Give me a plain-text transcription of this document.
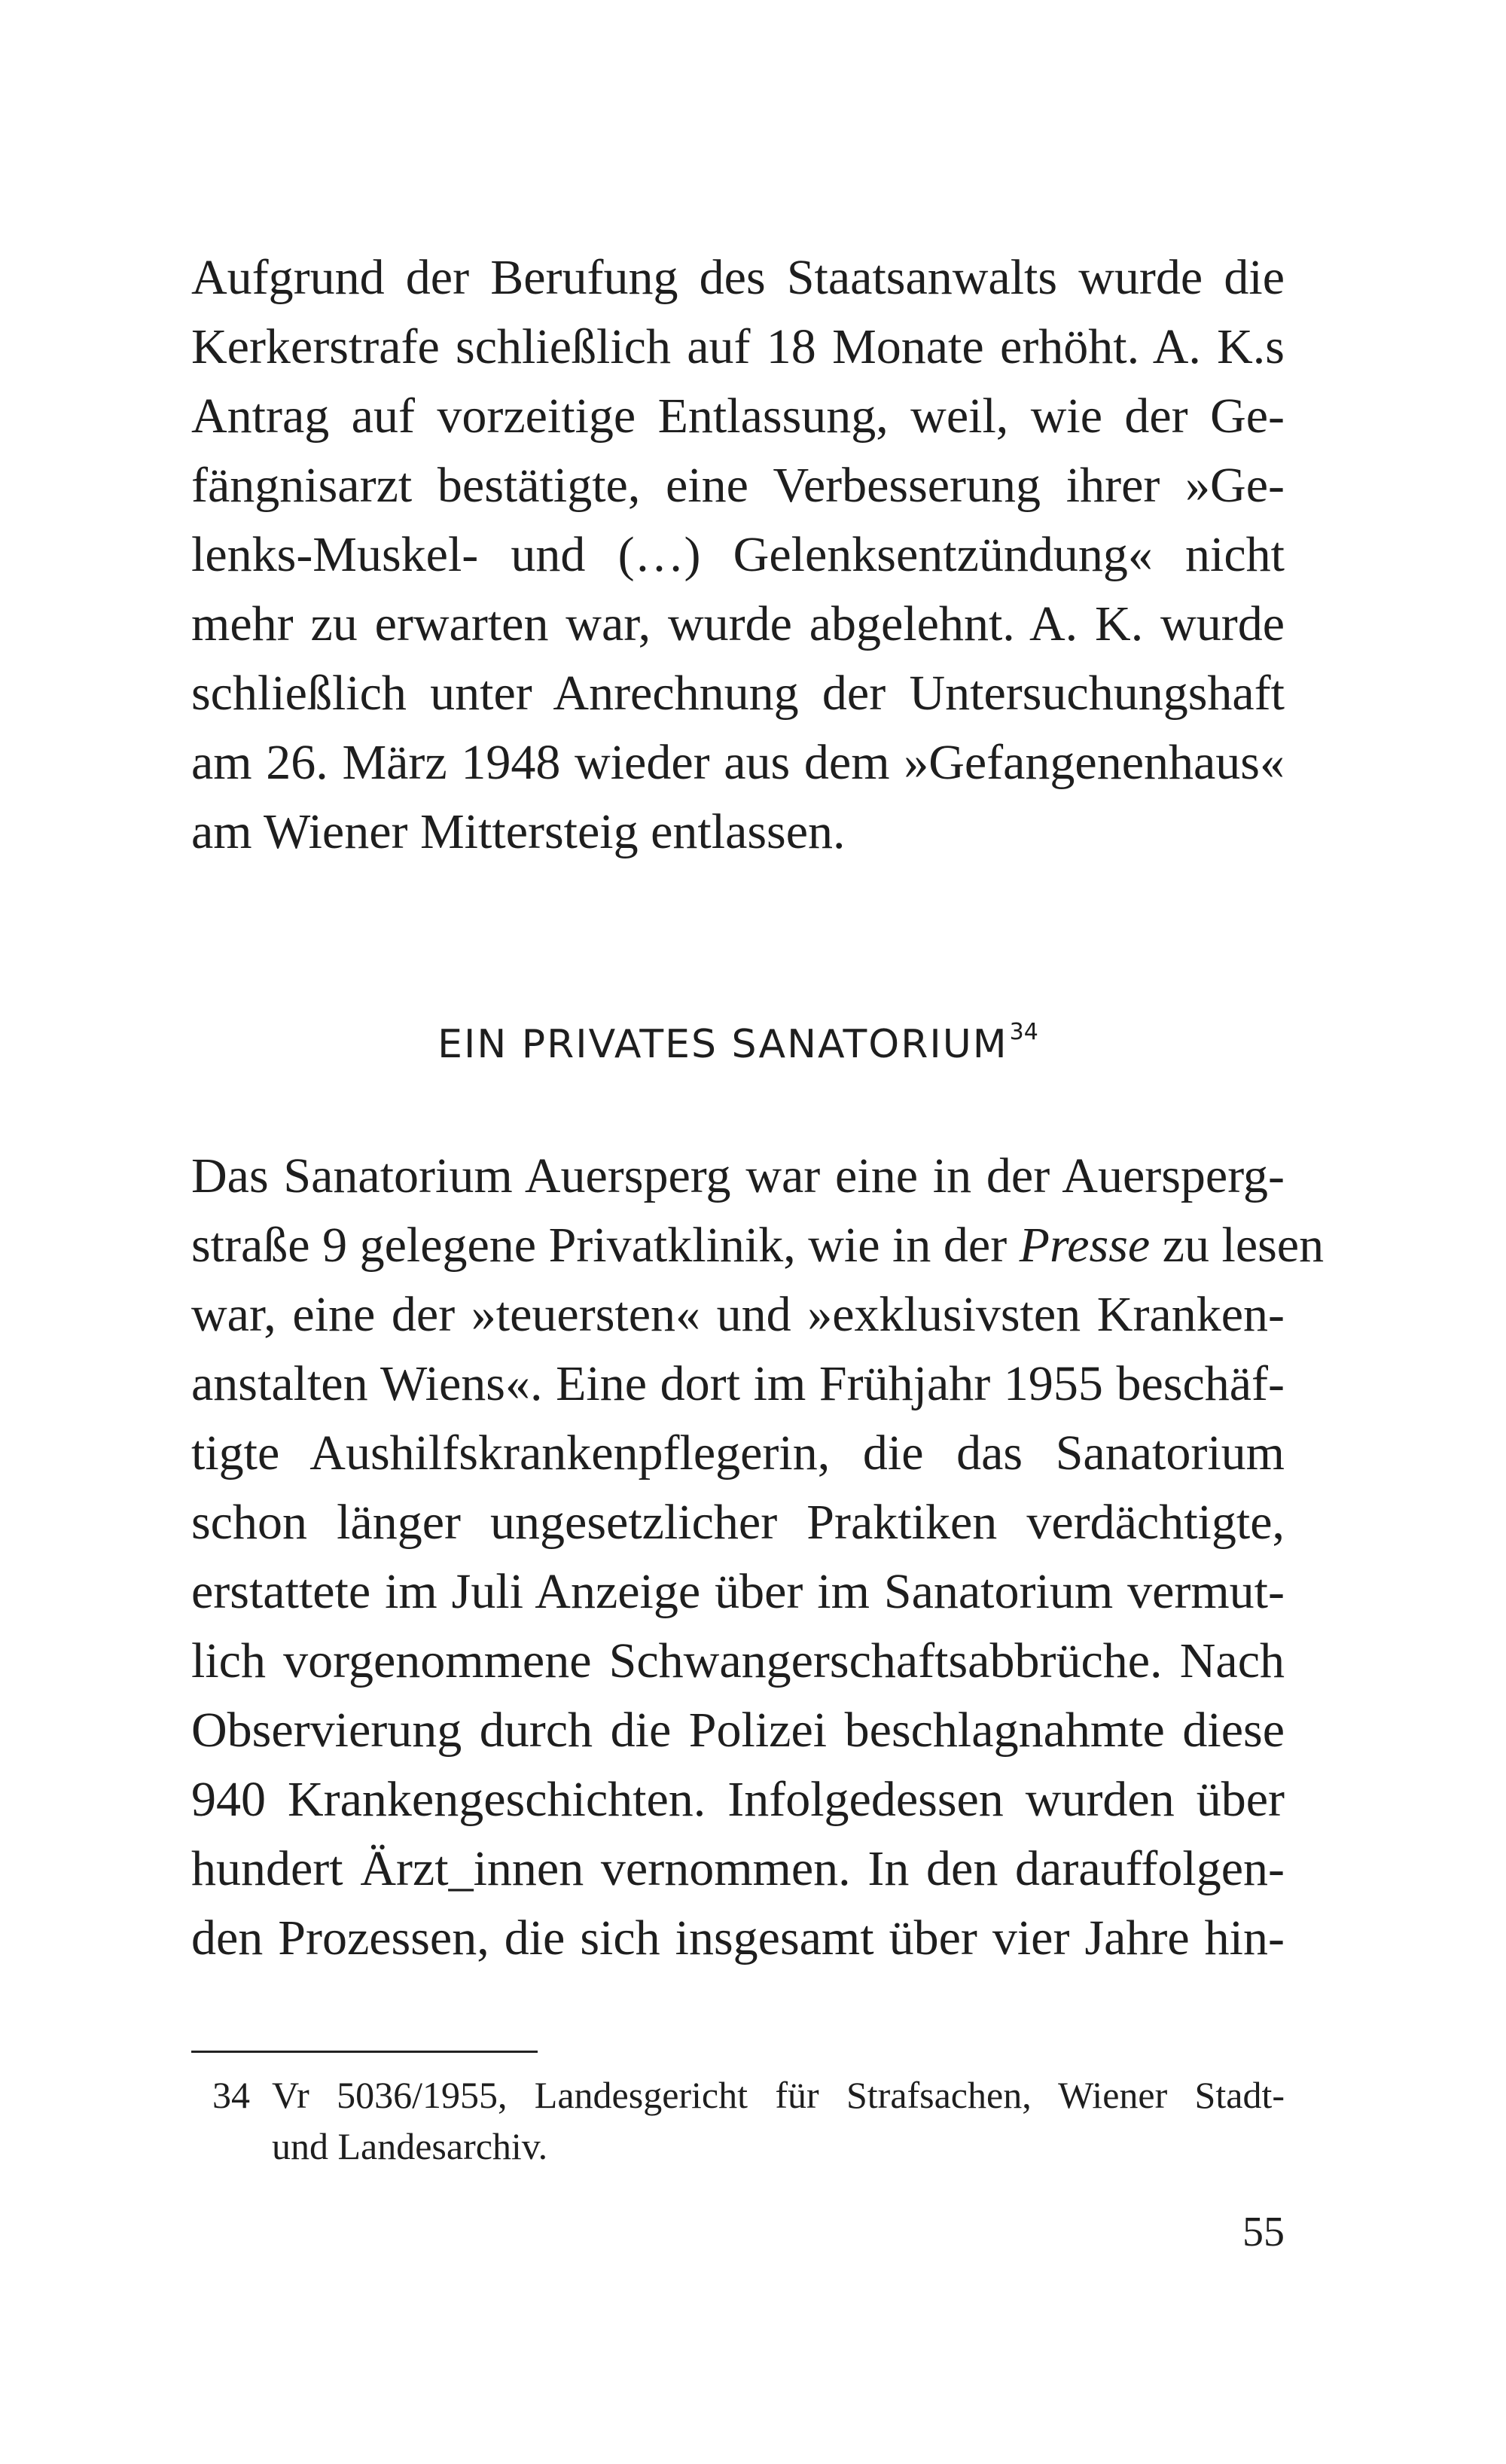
Aufgrund der Berufung des Staatsanwalts wurde die
Kerkerstrafe schließlich auf 18 Monate erhöht. A. K.s
Antrag auf vorzeitige Entlassung, weil, wie der Ge-
fängnisarzt bestätigte, eine Verbesserung ihrer »Ge-
lenks-Muskel- und (…) Gelenksentzündung« nicht
mehr zu erwarten war, wurde abgelehnt. A. K. wurde
schließlich unter Anrechnung der Untersuchungshaft
am 26. März 1948 wieder aus dem »Gefangenenhaus«
am Wiener Mittersteig entlassen.
EIN PRIVATES SANATORIUM$^{34}$
Das Sanatorium Auersperg war eine in der Auersperg-
straße 9 gelegene Privatklinik, wie in der Presse zu lesen
war, eine der »teuersten« und »exklusivsten Kranken-
anstalten Wiens«. Eine dort im Frühjahr 1955 beschäf-
tigte Aushilfskrankenpflegerin, die das Sanatorium
schon länger ungesetzlicher Praktiken verdächtigte,
erstattete im Juli Anzeige über im Sanatorium vermut-
lich vorgenommene Schwangerschaftsabbrüche. Nach
Observierung durch die Polizei beschlagnahmte diese
940 Krankengeschichten. Infolgedessen wurden über
hundert Ärzt_innen vernommen. In den darauffolgen-
den Prozessen, die sich insgesamt über vier Jahre hin-
34 Vr 5036/1955, Landesgericht für Strafsachen, Wiener Stadt-
und Landesarchiv.
55
